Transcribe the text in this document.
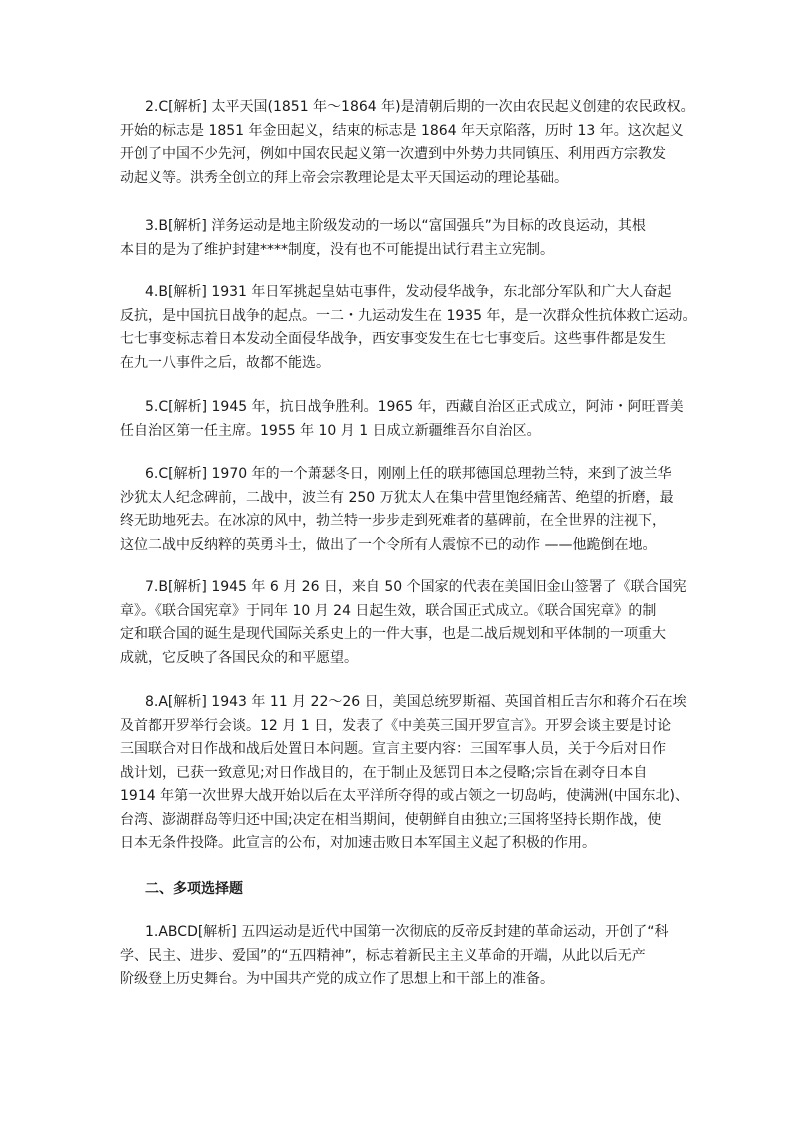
2.C[解析] 太平天国(1851 年～1864 年)是清朝后期的一次由农民起义创建的农民政权。
开始的标志是 1851 年金田起义，结束的标志是 1864 年天京陷落，历时 13 年。这次起义
开创了中国不少先河，例如中国农民起义第一次遭到中外势力共同镇压、利用西方宗教发
动起义等。洪秀全创立的拜上帝会宗教理论是太平天国运动的理论基础。
3.B[解析] 洋务运动是地主阶级发动的一场以“富国强兵”为目标的改良运动，其根
本目的是为了维护封建****制度，没有也不可能提出试行君主立宪制。
4.B[解析] 1931 年日军挑起皇姑屯事件，发动侵华战争，东北部分军队和广大人奋起
反抗，是中国抗日战争的起点。一二・九运动发生在 1935 年，是一次群众性抗体救亡运动。
七七事变标志着日本发动全面侵华战争，西安事变发生在七七事变后。这些事件都是发生
在九一八事件之后，故都不能选。
5.C[解析] 1945 年，抗日战争胜利。1965 年，西藏自治区正式成立，阿沛・阿旺晋美
任自治区第一任主席。1955 年 10 月 1 日成立新疆维吾尔自治区。
6.C[解析] 1970 年的一个萧瑟冬日，刚刚上任的联邦德国总理勃兰特，来到了波兰华
沙犹太人纪念碑前，二战中，波兰有 250 万犹太人在集中营里饱经痛苦、绝望的折磨，最
终无助地死去。在冰凉的风中，勃兰特一步步走到死难者的墓碑前，在全世界的注视下，
这位二战中反纳粹的英勇斗士，做出了一个令所有人震惊不已的动作 ——他跪倒在地。
7.B[解析] 1945 年 6 月 26 日，来自 50 个国家的代表在美国旧金山签署了《联合国宪
章》。《联合国宪章》于同年 10 月 24 日起生效，联合国正式成立。《联合国宪章》的制
定和联合国的诞生是现代国际关系史上的一件大事，也是二战后规划和平体制的一项重大
成就，它反映了各国民众的和平愿望。
8.A[解析] 1943 年 11 月 22～26 日，美国总统罗斯福、英国首相丘吉尔和蒋介石在埃
及首都开罗举行会谈。12 月 1 日，发表了《中美英三国开罗宣言》。开罗会谈主要是讨论
三国联合对日作战和战后处置日本问题。宣言主要内容：三国军事人员，关于今后对日作
战计划，已获一致意见;对日作战目的，在于制止及惩罚日本之侵略;宗旨在剥夺日本自
1914 年第一次世界大战开始以后在太平洋所夺得的或占领之一切岛屿，使满洲(中国东北)、
台湾、澎湖群岛等归还中国;决定在相当期间，使朝鲜自由独立;三国将坚持长期作战，使
日本无条件投降。此宣言的公布，对加速击败日本军国主义起了积极的作用。
二、多项选择题
1.ABCD[解析] 五四运动是近代中国第一次彻底的反帝反封建的革命运动，开创了“科
学、民主、进步、爱国”的“五四精神”，标志着新民主主义革命的开端，从此以后无产
阶级登上历史舞台。为中国共产党的成立作了思想上和干部上的准备。
